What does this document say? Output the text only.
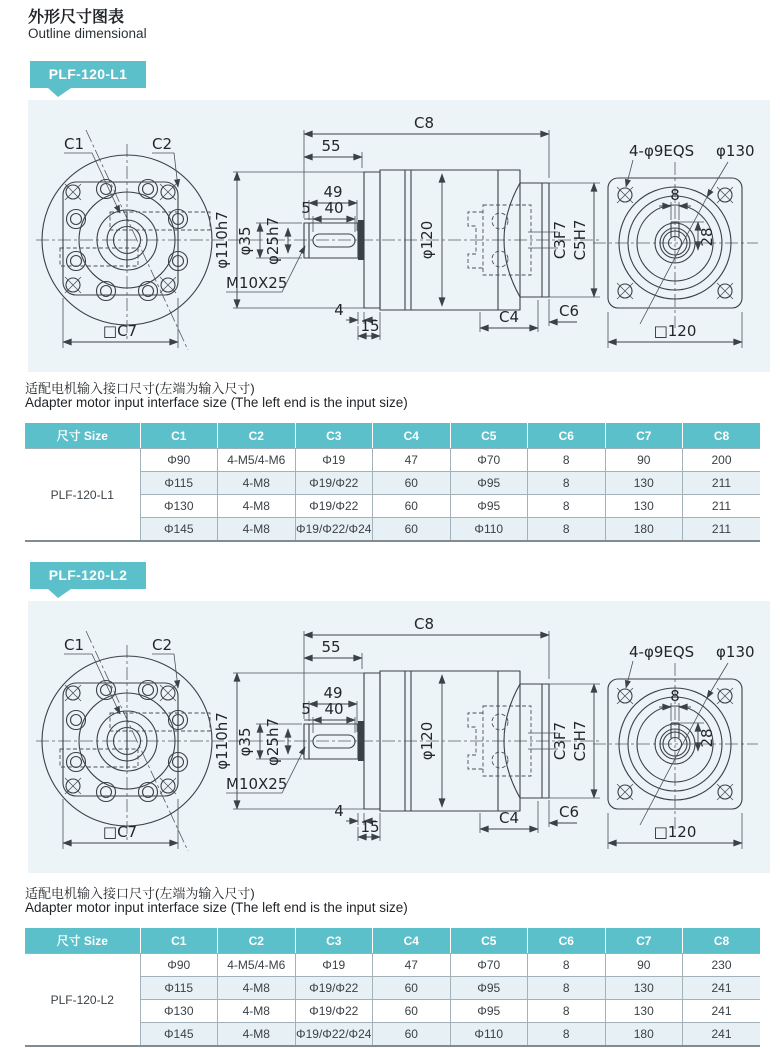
外形尺寸图表
Outline dimensional
PLF-120-L1
C1	C2
□C7
φ110h7	φ120
C8
55
49
5 40
φ35 φ25h7
M10X25
4
15	C4	C6
C3F7 C5H7
8
28
4-φ9EQS φ130
□120
适配电机输入接口尺寸(左端为输入尺寸)
Adapter motor input interface size (The left end is the input size)
尺寸 Size	C1	C2	C3	C4	C5	C6	C7	C8
PLF-120-L1	Φ90	4-M5/4-M6	Φ19	47	Φ70	8	90	200
	Φ115	4-M8	Φ19/Φ22	60	Φ95	8	130	211
	Φ130	4-M8	Φ19/Φ22	60	Φ95	8	130	211
	Φ145	4-M8	Φ19/Φ22/Φ24	60	Φ110	8	180	211
PLF-120-L2
C1	C2
□C7
φ110h7	φ120
C8
55
49
5 40
φ35 φ25h7
M10X25
4
15	C4	C6
C3F7 C5H7
8
28
4-φ9EQS φ130
□120
适配电机输入接口尺寸(左端为输入尺寸)
Adapter motor input interface size (The left end is the input size)
尺寸 Size	C1	C2	C3	C4	C5	C6	C7	C8
PLF-120-L2	Φ90	4-M5/4-M6	Φ19	47	Φ70	8	90	230
	Φ115	4-M8	Φ19/Φ22	60	Φ95	8	130	241
	Φ130	4-M8	Φ19/Φ22	60	Φ95	8	130	241
	Φ145	4-M8	Φ19/Φ22/Φ24	60	Φ110	8	180	241
